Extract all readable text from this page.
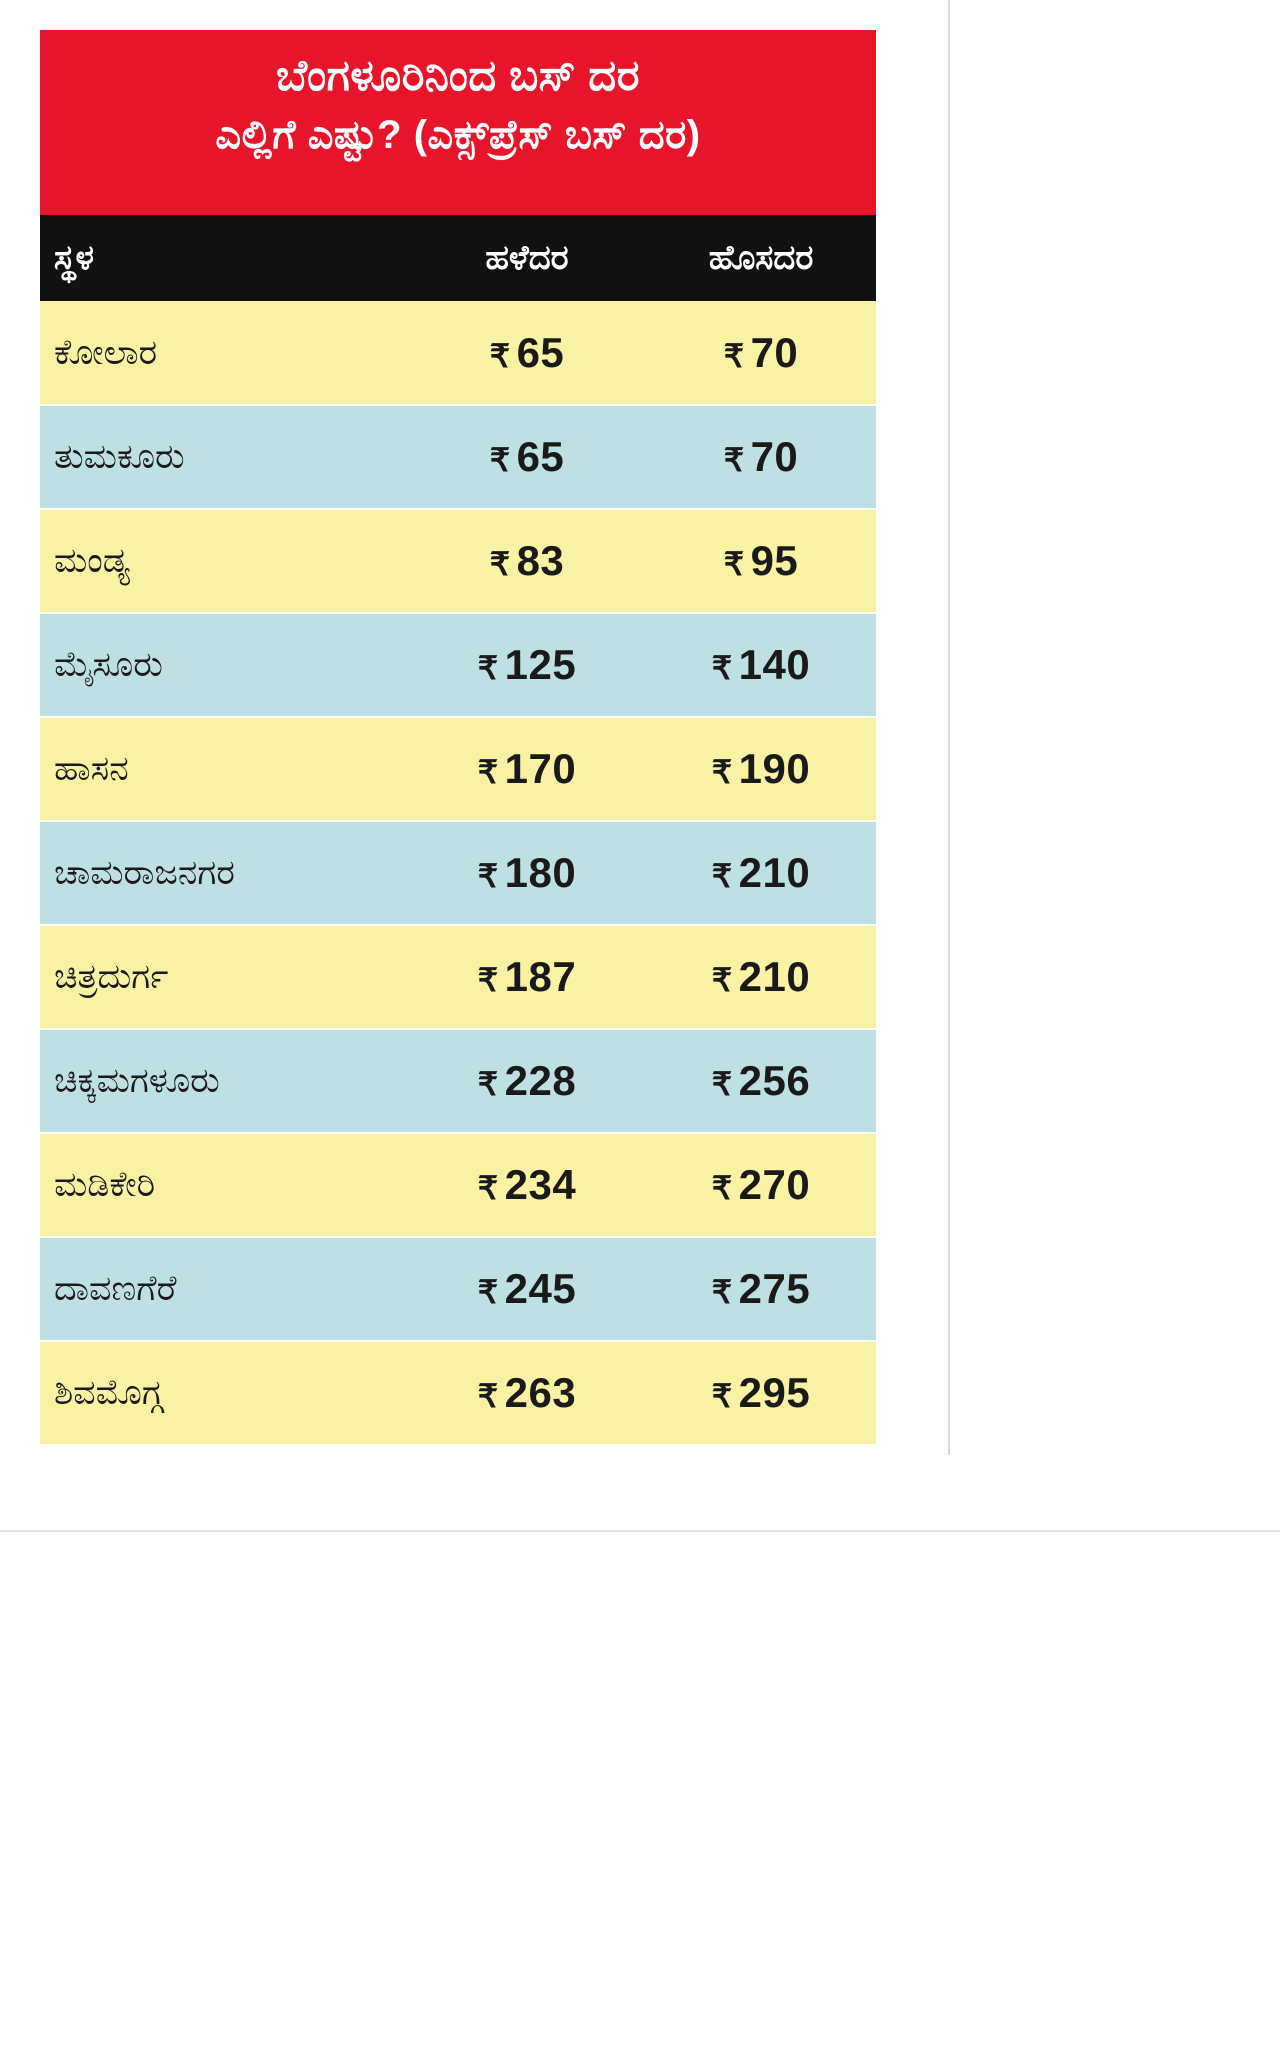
ಬೆಂಗಳೂರಿನಿಂದ ಬಸ್ ದರ
ಎಲ್ಲಿಗೆ ಎಷ್ಟು? (ಎಕ್ಸ್‌ಪ್ರೆಸ್ ಬಸ್ ದರ)
ಸ್ಥಳ	ಹಳೆದರ	ಹೊಸದರ
ಕೋಲಾರ	₹ 65	₹ 70
ತುಮಕೂರು	₹ 65	₹ 70
ಮಂಡ್ಯ	₹ 83	₹ 95
ಮೈಸೂರು	₹ 125	₹ 140
ಹಾಸನ	₹ 170	₹ 190
ಚಾಮರಾಜನಗರ	₹ 180	₹ 210
ಚಿತ್ರದುರ್ಗ	₹ 187	₹ 210
ಚಿಕ್ಕಮಗಳೂರು	₹ 228	₹ 256
ಮಡಿಕೇರಿ	₹ 234	₹ 270
ದಾವಣಗೆರೆ	₹ 245	₹ 275
ಶಿವಮೊಗ್ಗ	₹ 263	₹ 295
